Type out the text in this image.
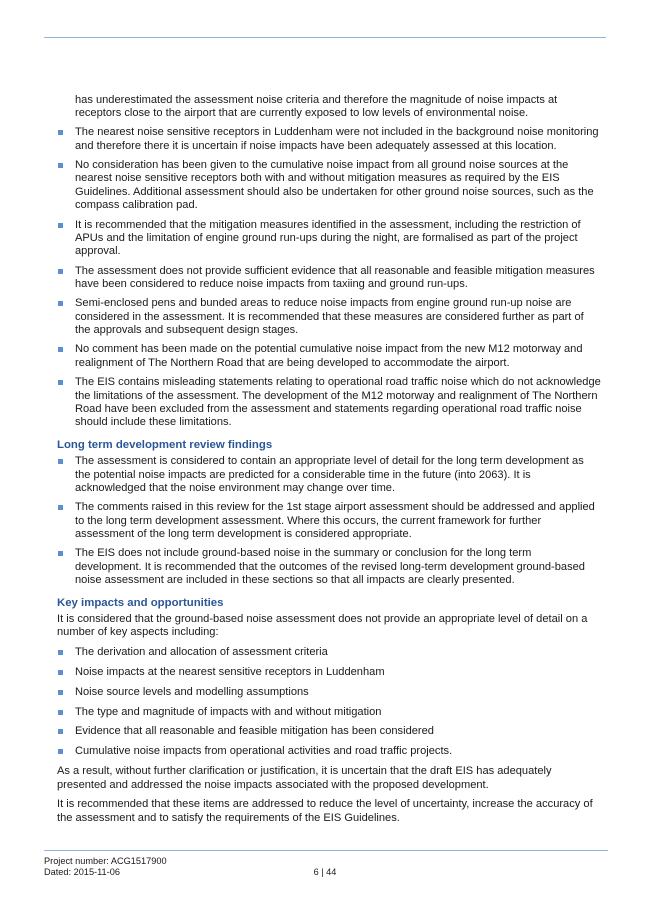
has underestimated the assessment noise criteria and therefore the magnitude of noise impacts at receptors close to the airport that are currently exposed to low levels of environmental noise.

The nearest noise sensitive receptors in Luddenham were not included in the background noise monitoring and therefore there it is uncertain if noise impacts have been adequately assessed at this location.
No consideration has been given to the cumulative noise impact from all ground noise sources at the nearest noise sensitive receptors both with and without mitigation measures as required by the EIS Guidelines. Additional assessment should also be undertaken for other ground noise sources, such as the compass calibration pad.
It is recommended that the mitigation measures identified in the assessment, including the restriction of APUs and the limitation of engine ground run-ups during the night, are formalised as part of the project approval.
The assessment does not provide sufficient evidence that all reasonable and feasible mitigation measures have been considered to reduce noise impacts from taxiing and ground run-ups.
Semi-enclosed pens and bunded areas to reduce noise impacts from engine ground run-up noise are considered in the assessment. It is recommended that these measures are considered further as part of the approvals and subsequent design stages.
No comment has been made on the potential cumulative noise impact from the new M12 motorway and realignment of The Northern Road that are being developed to accommodate the airport.
The EIS contains misleading statements relating to operational road traffic noise which do not acknowledge the limitations of the assessment. The development of the M12 motorway and realignment of The Northern Road have been excluded from the assessment and statements regarding operational road traffic noise should include these limitations.
Long term development review findings
The assessment is considered to contain an appropriate level of detail for the long term development as the potential noise impacts are predicted for a considerable time in the future (into 2063). It is acknowledged that the noise environment may change over time.
The comments raised in this review for the 1st stage airport assessment should be addressed and applied to the long term development assessment. Where this occurs, the current framework for further assessment of the long term development is considered appropriate.
The EIS does not include ground-based noise in the summary or conclusion for the long term development. It is recommended that the outcomes of the revised long-term development ground-based noise assessment are included in these sections so that all impacts are clearly presented.
Key impacts and opportunities

It is considered that the ground-based noise assessment does not provide an appropriate level of detail on a number of key aspects including:

The derivation and allocation of assessment criteria
Noise impacts at the nearest sensitive receptors in Luddenham
Noise source levels and modelling assumptions
The type and magnitude of impacts with and without mitigation
Evidence that all reasonable and feasible mitigation has been considered
Cumulative noise impacts from operational activities and road traffic projects.

As a result, without further clarification or justification, it is uncertain that the draft EIS has adequately presented and addressed the noise impacts associated with the proposed development.

It is recommended that these items are addressed to reduce the level of uncertainty, increase the accuracy of the assessment and to satisfy the requirements of the EIS Guidelines.

Project number: ACG1517900
Dated: 2015-11-06	6 | 44
